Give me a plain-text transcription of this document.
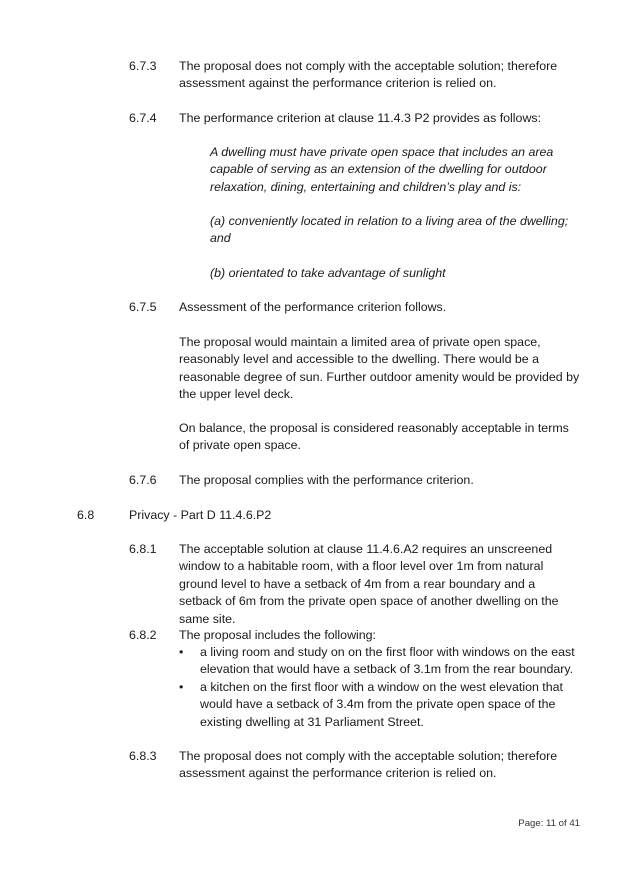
6.7.3 The proposal does not comply with the acceptable solution; therefore assessment against the performance criterion is relied on.
6.7.4 The performance criterion at clause 11.4.3 P2 provides as follows:
A dwelling must have private open space that includes an area capable of serving as an extension of the dwelling for outdoor relaxation, dining, entertaining and children’s play and is:
(a) conveniently located in relation to a living area of the dwelling; and
(b) orientated to take advantage of sunlight
6.7.5 Assessment of the performance criterion follows.
The proposal would maintain a limited area of private open space, reasonably level and accessible to the dwelling. There would be a reasonable degree of sun. Further outdoor amenity would be provided by the upper level deck.
On balance, the proposal is considered reasonably acceptable in terms of private open space.
6.7.6 The proposal complies with the performance criterion.
6.8	Privacy - Part D 11.4.6.P2
6.8.1 The acceptable solution at clause 11.4.6.A2 requires an unscreened window to a habitable room, with a floor level over 1m from natural ground level to have a setback of 4m from a rear boundary and a setback of 6m from the private open space of another dwelling on the same site.
6.8.2 The proposal includes the following:
• a living room and study on on the first floor with windows on the east elevation that would have a setback of 3.1m from the rear boundary.
• a kitchen on the first floor with a window on the west elevation that would have a setback of 3.4m from the private open space of the existing dwelling at 31 Parliament Street.
6.8.3 The proposal does not comply with the acceptable solution; therefore assessment against the performance criterion is relied on.
Page: 11 of 41
